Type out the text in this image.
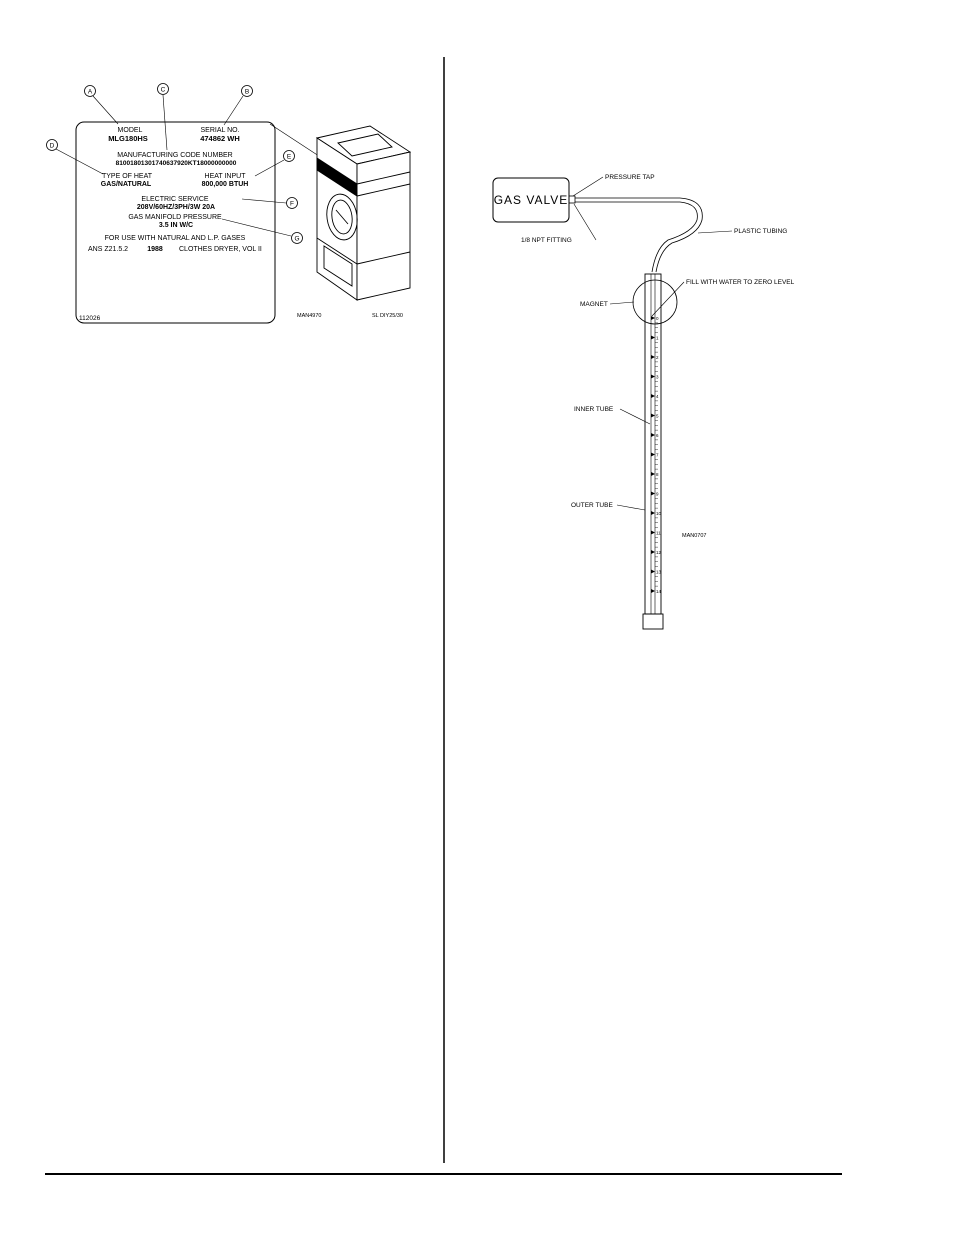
A	C	B
D
E
F
G
MODEL
MLG180HS
SERIAL NO.
474862 WH
MANUFACTURING CODE NUMBER
81001801301740637920KT18000000000
TYPE OF HEAT
GAS/NATURAL
HEAT INPUT
800,000 BTUH
ELECTRIC SERVICE
208V/60HZ/3PH/3W 20A
GAS MANIFOLD PRESSURE
3.5 IN W/C
FOR USE WITH NATURAL AND L.P. GASES
ANS Z21.5.2	1988 CLOTHES DRYER, VOL II
112026	MAN4970	SL DIY25/30
GAS VALVE
PRESSURE TAP
1/8 NPT FITTING
PLASTIC TUBING
FILL WITH WATER TO ZERO LEVEL
MAGNET
INNER TUBE
OUTER TUBE
MAN0707
0
1
2
3
4
5
6
7
8
9
10
11
12
13
14
